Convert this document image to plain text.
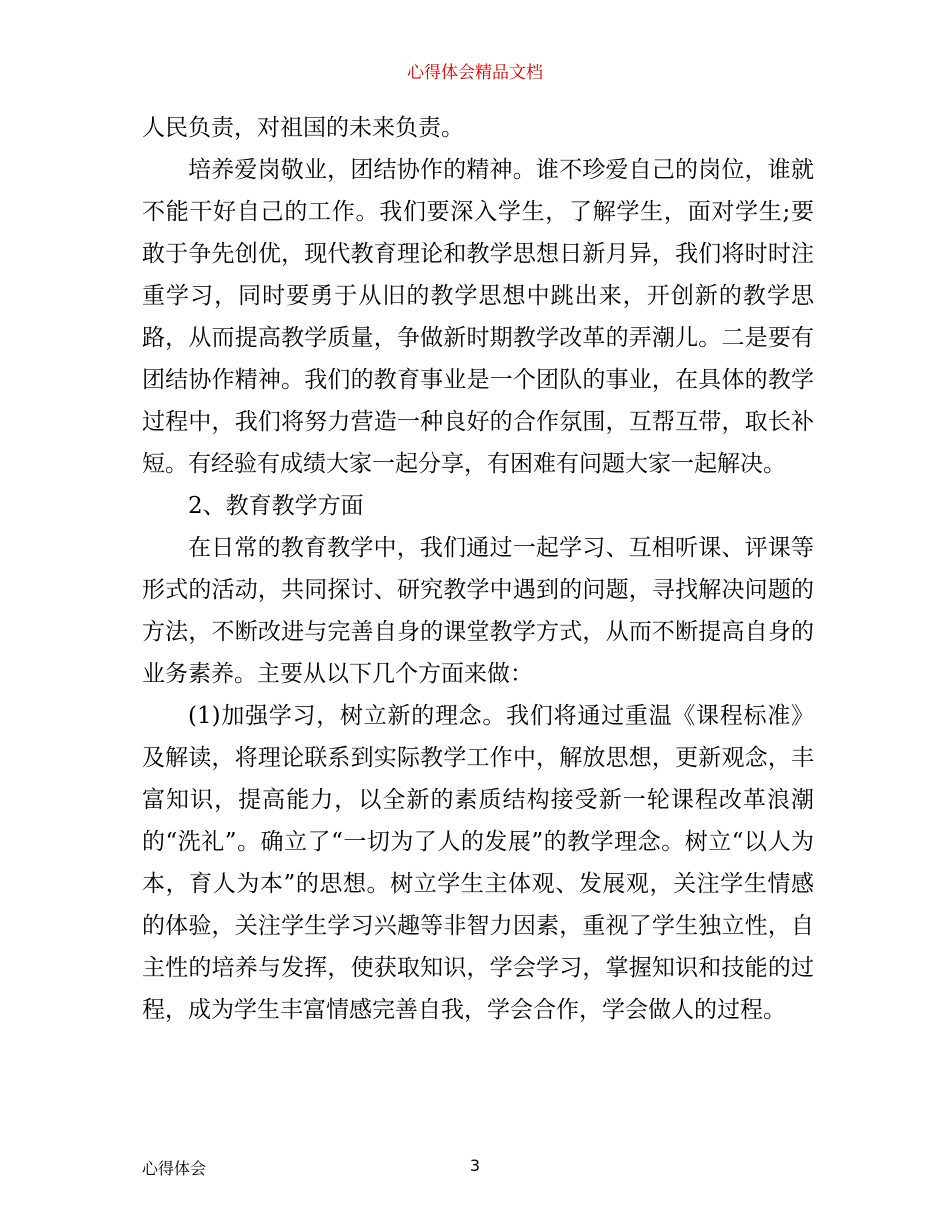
心得体会精品文档

人民负责，对祖国的未来负责。

培养爱岗敬业，团结协作的精神。谁不珍爱自己的岗位，谁就不能干好自己的工作。我们要深入学生，了解学生，面对学生;要敢于争先创优，现代教育理论和教学思想日新月异，我们将时时注重学习，同时要勇于从旧的教学思想中跳出来，开创新的教学思路，从而提高教学质量，争做新时期教学改革的弄潮儿。二是要有团结协作精神。我们的教育事业是一个团队的事业，在具体的教学过程中，我们将努力营造一种良好的合作氛围，互帮互带，取长补短。有经验有成绩大家一起分享，有困难有问题大家一起解决。

2、教育教学方面

在日常的教育教学中，我们通过一起学习、互相听课、评课等形式的活动，共同探讨、研究教学中遇到的问题，寻找解决问题的方法，不断改进与完善自身的课堂教学方式，从而不断提高自身的业务素养。主要从以下几个方面来做：

(1)加强学习，树立新的理念。我们将通过重温《课程标准》及解读，将理论联系到实际教学工作中，解放思想，更新观念，丰富知识，提高能力，以全新的素质结构接受新一轮课程改革浪潮的“洗礼”。确立了“一切为了人的发展”的教学理念。树立“以人为本，育人为本”的思想。树立学生主体观、发展观，关注学生情感的体验，关注学生学习兴趣等非智力因素，重视了学生独立性，自主性的培养与发挥，使获取知识，学会学习，掌握知识和技能的过程，成为学生丰富情感完善自我，学会合作，学会做人的过程。

心得体会	3
